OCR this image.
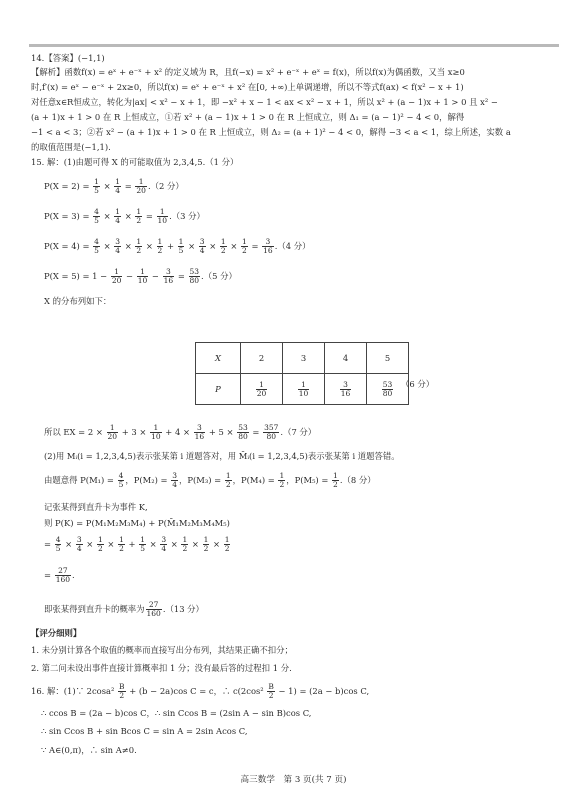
14.【答案】(−1,1)
【解析】函数f(x) = eˣ + e⁻ˣ + x² 的定义域为 R，且f(−x) = x² + e⁻ˣ + eˣ = f(x)，所以f(x)为偶函数，又当 x≥0
时,f′(x) = eˣ − e⁻ˣ + 2x≥0，所以f(x) = eˣ + e⁻ˣ + x² 在[0, +∞)上单调递增，所以不等式f(ax) < f(x² − x + 1)
对任意x∈R恒成立，转化为|ax| < x² − x + 1，即 −x² + x − 1 < ax < x² − x + 1，所以 x² + (a − 1)x + 1 > 0 且 x² −
(a + 1)x + 1 > 0 在 R 上恒成立，①若 x² + (a − 1)x + 1 > 0 在 R 上恒成立，则 Δ₁ = (a − 1)² − 4 < 0，解得
−1 < a < 3；②若 x² − (a + 1)x + 1 > 0 在 R 上恒成立，则 Δ₂ = (a + 1)² − 4 < 0，解得 −3 < a < 1，综上所述，实数 a
的取值范围是(−1,1).
15. 解：(1)由题可得 X 的可能取值为 2,3,4,5.（1 分）
$P(X = 2) = \frac{1}{5} \times \frac{1}{4} = \frac{1}{20} .(2$ 分）
$P(X = 3) = \frac{4}{5} \times \frac{1}{4} \times \frac{1}{2} = \frac{1}{10} .(3$ 分）
$P(X = 4) = \frac{4}{5} \times \frac{3}{4} \times \frac{1}{2} \times \frac{1}{2} + \frac{1}{5} \times \frac{3}{4} \times \frac{1}{2} \times \frac{1}{2} = \frac{3}{16} .(4$ 分）
$P(X = 5) = 1 - \frac{1}{20} - \frac{1}{10} - \frac{3}{16} = \frac{53}{80} .(5$ 分）
X 的分布列如下：
X	2	3	4	5
P	$\frac{1}{20}$	$\frac{1}{10}$	$\frac{3}{16}$	$\frac{53}{80} (6$ 分）
所以 EX = $2 \times \frac{1}{20} + 3 \times \frac{1}{10} + 4 \times \frac{3}{16} + 5 \times \frac{53}{80} = \frac{357}{80} .(7$ 分）
(2)用 Mᵢ(i = 1,2,3,4,5)表示张某第 i 道题答对，用 M̄ᵢ(i = 1,2,3,4,5)表示张某第 i 道题答错。
由题意得 $P(M_1) = \frac{4}{5}$ ，$P(M_2) = \frac{3}{4}$ ，$P(M_3) = \frac{1}{2}$ ，$P(M_4) = \frac{1}{2}$ ，$P(M_5) = \frac{1}{2} .(8$ 分）
记张某得到直升卡为事件 K,
则 P(K) = P(M₁M₂M₃M₄) + P(M̄₁M₂M₃M₄M₅)
= $\frac{4}{5} \times \frac{3}{4} \times \frac{1}{2} \times \frac{1}{2} + \frac{1}{5} \times \frac{3}{4} \times \frac{1}{2} \times \frac{1}{2} \times \frac{1}{2}$
= $\frac{27}{160}$ .
即张某得到直升卡的概率为 $\frac{27}{160} .(13$ 分）
【评分细则】
1. 未分别计算各个取值的概率而直接写出分布列，其结果正确不扣分；
2. 第二问未设出事件直接计算概率扣 1 分；没有最后答的过程扣 1 分.
16. 解：(1)∵ $2\cos a^2 \frac{B}{2} + (b - 2a)\cos$ C = c，∴ $c(2\cos^2 \frac{B}{2} - 1) = (2a - b)\cos$ C,
∴ ccos B = (2a − b)cos C，∴ sin Ccos B = (2sin A − sin B)cos C,
∴ sin Ccos B + sin Bcos C = sin A = 2sin Acos C,
∵ A∈(0,π)，∴ sin A≠0.
高三数学　第 3 页(共 7 页)
